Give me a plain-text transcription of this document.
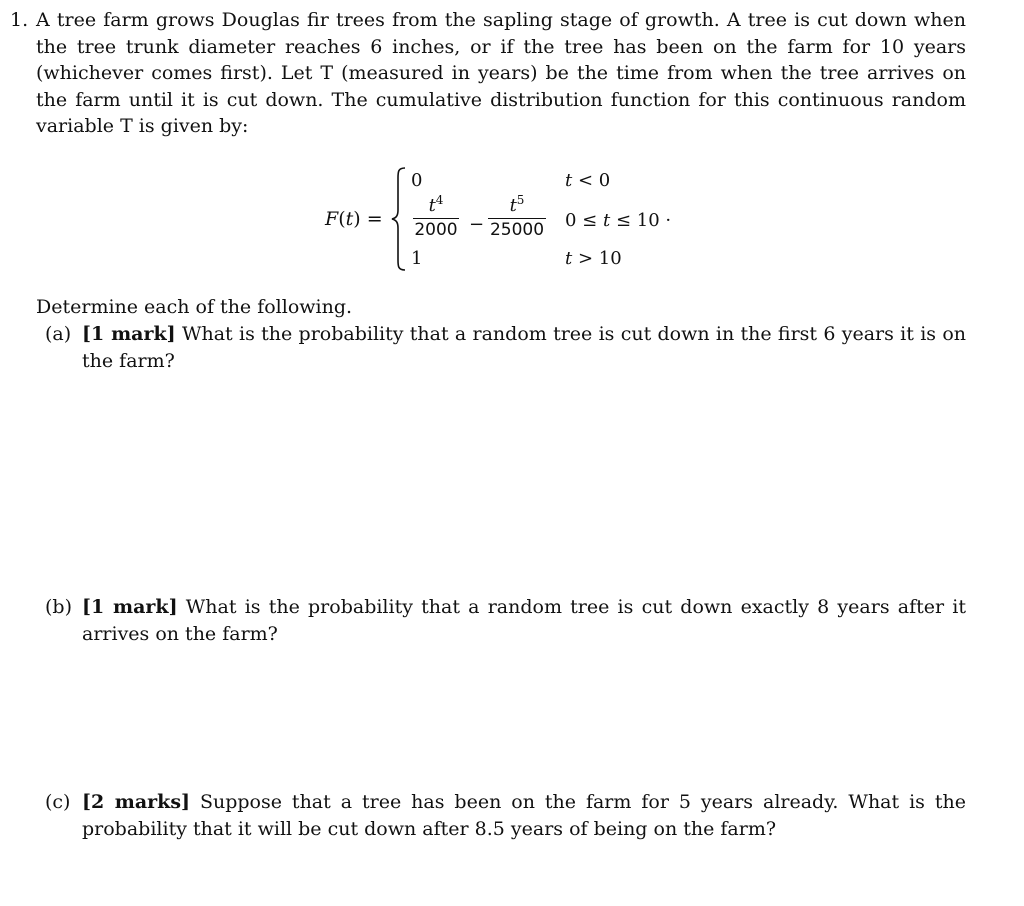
1. A tree farm grows Douglas fir trees from the sapling stage of growth. A tree is cut down when the tree trunk diameter reaches 6 inches, or if the tree has been on the farm for 10 years (whichever comes first). Let T (measured in years) be the time from when the tree arrives on the farm until it is cut down. The cumulative distribution function for this continuous random variable T is given by:
F(t) =
0
$t^4$
2000 −
$t^5$
25000
1
t < 0
0 ≤ t ≤ 10 ·
t > 10
Determine each of the following.
(a) [1 mark] What is the probability that a random tree is cut down in the first 6 years it is on the farm?
(b) [1 mark] What is the probability that a random tree is cut down exactly 8 years after it arrives on the farm?
(c) [2 marks] Suppose that a tree has been on the farm for 5 years already. What is the probability that it will be cut down after 8.5 years of being on the farm?
